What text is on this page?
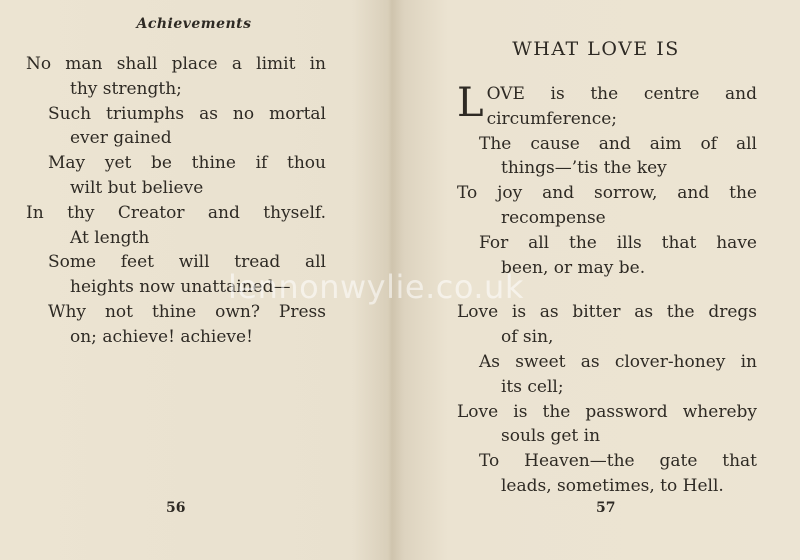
Achievements
56
No man shall place a limit in
thy strength;
Such triumphs as no mortal
ever gained
May yet be thine if thou
wilt but believe
In thy Creator and thyself.
At length
Some feet will tread all
heights now unattained—
Why not thine own? Press
on; achieve! achieve!
WHAT LOVE IS
57
L OVE is the centre and
circumference;
The cause and aim of all
things—’tis the key
To joy and sorrow, and the
recompense
For all the ills that have
been, or may be.
Love is as bitter as the dregs
of sin,
As sweet as clover-honey in
its cell;
Love is the password whereby
souls get in
To Heaven—the gate that
leads, sometimes, to Hell.
lennonwylie.co.uk
